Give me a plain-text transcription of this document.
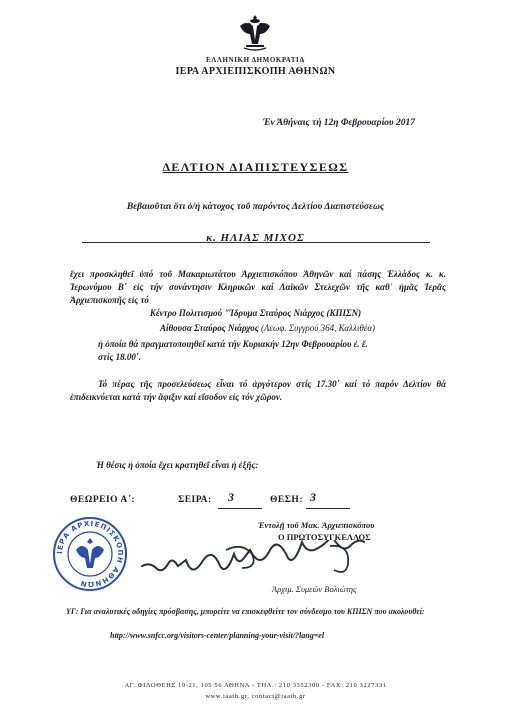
ΕΛΛΗΝΙΚΗ ΔΗΜΟΚΡΑΤΙΑ
ΙΕΡΑ ΑΡΧΙΕΠΙΣΚΟΠΗ ΑΘΗΝΩΝ
Έν Άθήναις τή 12η Φεβρουαρίου 2017
ΔΕΛΤΙΟΝ ΔΙΑΠΙΣΤΕΥΣΕΩΣ
Βεβαιοῦται ὅτι ὁ/ἡ κάτοχος τοῦ παρόντος Δελτίου Διαπιστεύσεως
κ. ΗΛΙΑΣ ΜΙΧΟΣ
ἔχει προσκληθεῖ ὑπό τοῦ Μακαριωτάτου Ἀρχιεπισκόπου Ἀθηνῶν καί πάσης Ἑλλάδος κ. κ. Ἱερωνύμου Β΄ εἰς τήν συνάντησιν Κληρικῶν καί Λαϊκῶν Στελεχῶν τῆς καθ᾽ ἡμᾶς Ἱερᾶς Ἀρχιεπισκοπῆς εἰς τό
Κέντρο Πολιτισμού "Ίδρυμα Σταύρος Νιάρχος (ΚΠΙΣΝ)
Αίθουσα Σταύρος Νιάρχος (Λεωφ. Συγγρού 364, Καλλιθέα)
ἡ ὁποία θά πραγματοποιηθεῖ κατά τήν Κυριακήν 12ην Φεβρουαρίου ἐ. ἔ.
στίς 18.00΄.
Τό πέρας τῆς προσελεύσεως εἶναι τό ἀργότερον στίς 17.30΄ καί τό παρόν Δελτίον θά ἐπιδεικνύεται κατά τήν ἄφιξιν καί εἴσοδον εἰς τόν χῶρον.
Ἡ θέσις ἡ ὁποία ἔχει κρατηθεῖ εἶναι ἡ ἑξῆς:
ΘΕΩΡΕΙΟ Α΄:	ΣΕΙΡΑ: 3	ΘΕΣΗ: 3
Ἐντολῇ τοῦ Μακ. Ἀρχιεπισκόπου
Ο ΠΡΩΤΟΣΥΓΚΕΛΛΟΣ
ΙΕΡΑ ΑΡΧΙΕΠΙΣΚΟΠΗ ΑΘΗΝΩΝ
Ἀρχιμ. Συμεών Βολιώτης
ΥΓ: Για αναλυτικές οδηγίες πρόσβασης, μπορείτε να επισκεφθείτε τον σύνδεσμο του ΚΠΙΣΝ που ακολουθεί:
http://www.snfcc.org/visitors-center/planning-your-visit/?lang=el
ΑΓ. ΦΙΛΟΘΕΗΣ 19-21, 105 56 ΑΘΗΝΑ - ΤΗΛ.: 210 3352300 - FAX: 210 3227331
www.iaath.gr, contact@iaath.gr
